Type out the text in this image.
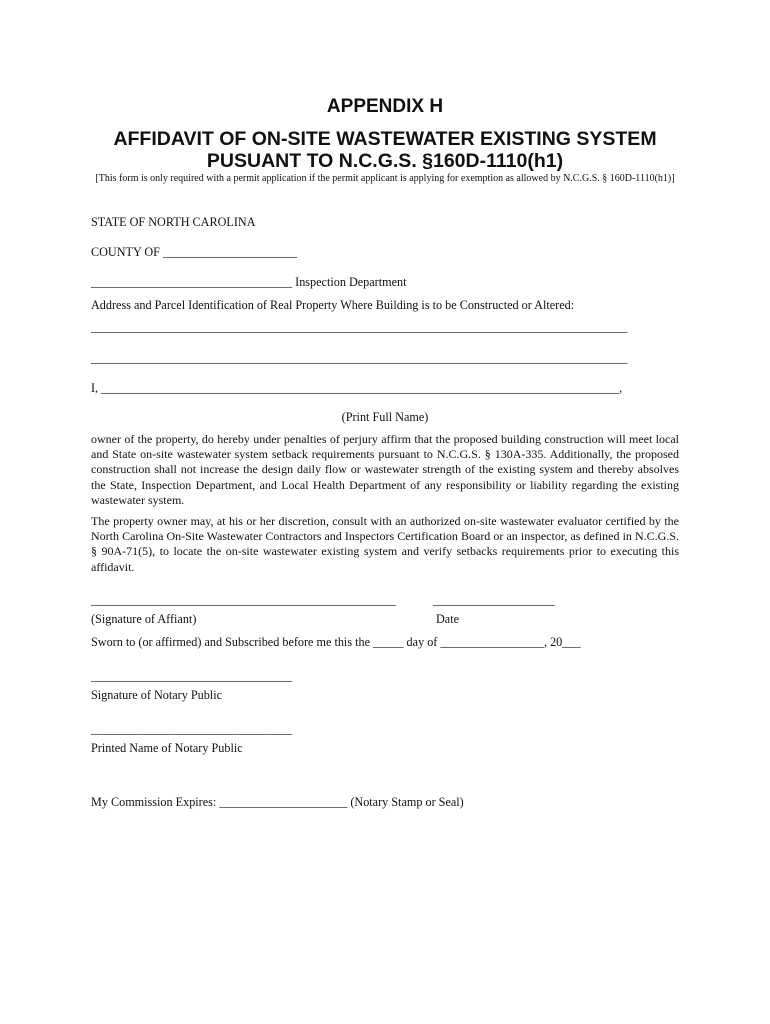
APPENDIX H
AFFIDAVIT OF ON-SITE WASTEWATER EXISTING SYSTEM
PUSUANT TO N.C.G.S. §160D-1110(h1)
[This form is only required with a permit application if the permit applicant is applying for exemption as allowed by N.C.G.S. § 160D-1110(h1)]
STATE OF NORTH CAROLINA
COUNTY OF ______________________
_________________________________ Inspection Department
Address and Parcel Identification of Real Property Where Building is to be Constructed or Altered:
________________________________________________________________________________________
________________________________________________________________________________________
I, _____________________________________________________________________________________,
(Print Full Name)
owner of the property, do hereby under penalties of perjury affirm that the proposed building construction will meet local and State on-site wastewater system setback requirements pursuant to N.C.G.S. § 130A-335. Additionally, the proposed construction shall not increase the design daily flow or wastewater strength of the existing system and thereby absolves the State, Inspection Department, and Local Health Department of any responsibility or liability regarding the existing wastewater system.
The property owner may, at his or her discretion, consult with an authorized on-site wastewater evaluator certified by the North Carolina On-Site Wastewater Contractors and Inspectors Certification Board or an inspector, as defined in N.C.G.S. § 90A-71(5), to locate the on-site wastewater existing system and verify setbacks requirements prior to executing this affidavit.
__________________________________________________	____________________
(Signature of Affiant)	Date
Sworn to (or affirmed) and Subscribed before me this the _____ day of _________________, 20___
_________________________________
Signature of Notary Public
_________________________________
Printed Name of Notary Public
My Commission Expires: _____________________ (Notary Stamp or Seal)
